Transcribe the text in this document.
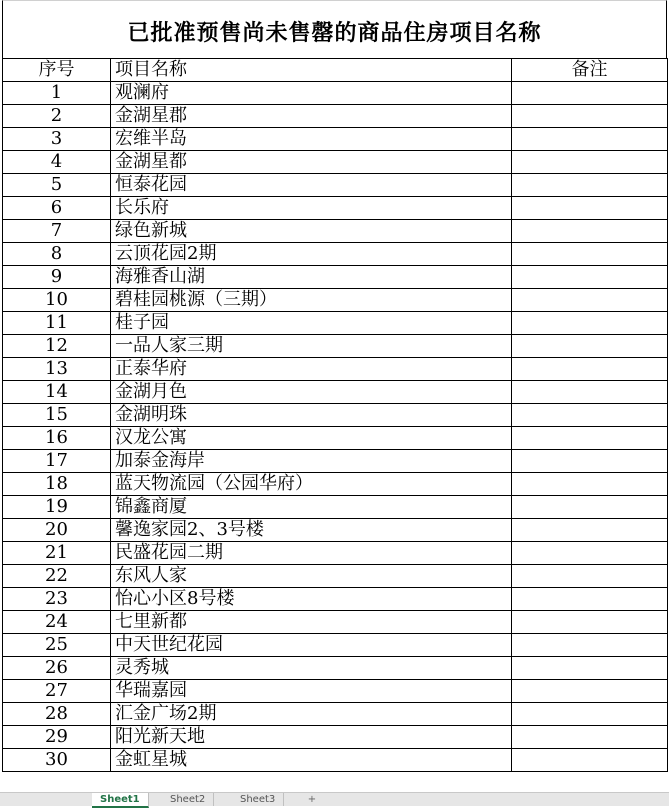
已批准预售尚未售罄的商品住房项目名称
序号	项目名称	备注
1	观澜府	
2	金湖星郡	
3	宏维半岛	
4	金湖星都	
5	恒泰花园	
6	长乐府	
7	绿色新城	
8	云顶花园2期	
9	海雅香山湖	
10	碧桂园桃源（三期）	
11	桂子园	
12	一品人家三期	
13	正泰华府	
14	金湖月色	
15	金湖明珠	
16	汉龙公寓	
17	加泰金海岸	
18	蓝天物流园（公园华府）	
19	锦鑫商厦	
20	馨逸家园2、3号楼	
21	民盛花园二期	
22	东风人家	
23	怡心小区8号楼	
24	七里新都	
25	中天世纪花园	
26	灵秀城	
27	华瑞嘉园	
28	汇金广场2期	
29	阳光新天地	
30	金虹星城	
Sheet1	Sheet2	Sheet3	+
